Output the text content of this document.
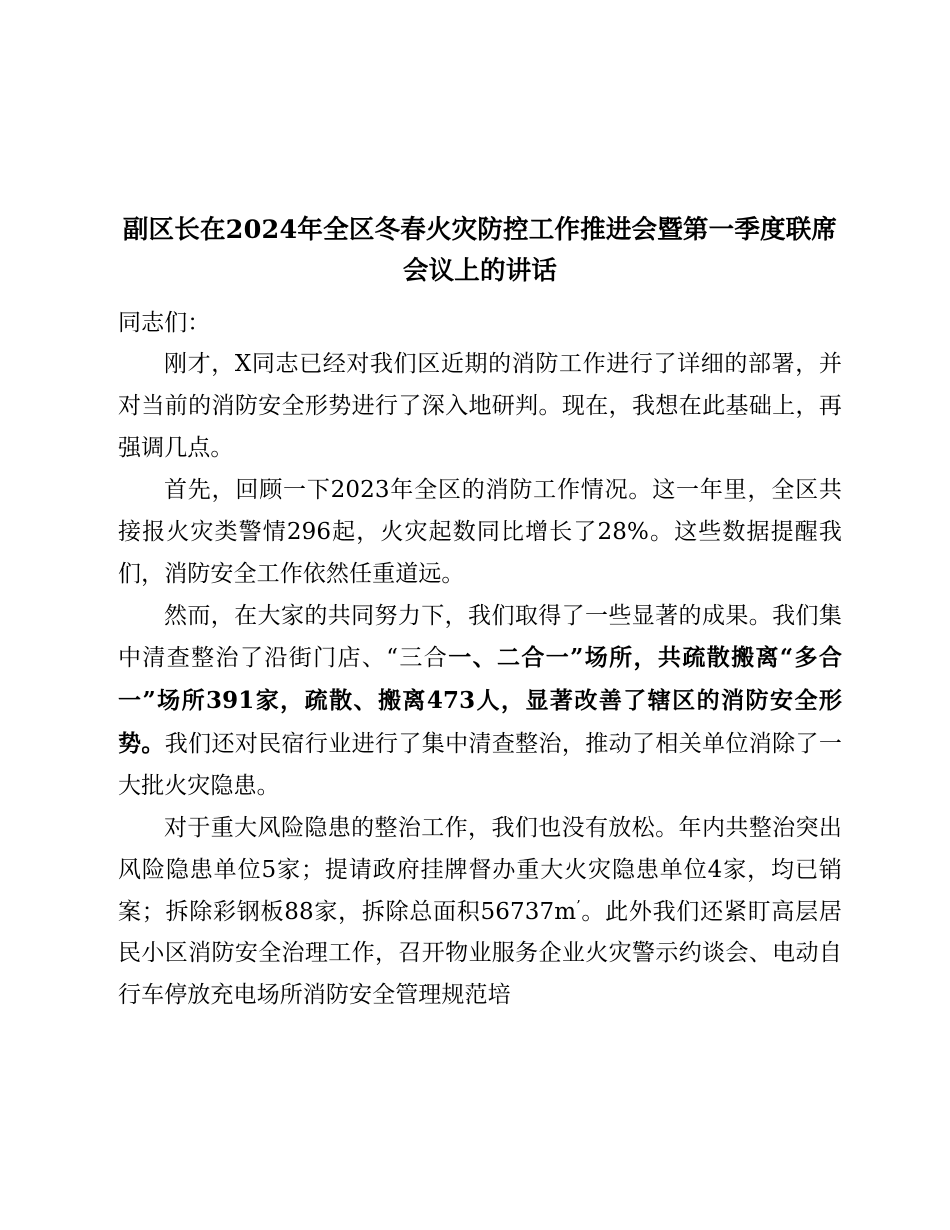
副区长在2024年全区冬春火灾防控工作推进会暨第一季度联席会议上的讲话

同志们：

刚才，X同志已经对我们区近期的消防工作进行了详细的部署，并对当前的消防安全形势进行了深入地研判。现在，我想在此基础上，再强调几点。

首先，回顾一下2023年全区的消防工作情况。这一年里，全区共接报火灾类警情296起，火灾起数同比增长了28%。这些数据提醒我们，消防安全工作依然任重道远。

然而，在大家的共同努力下，我们取得了一些显著的成果。我们集中清查整治了沿街门店、“三合一、二合一”场所，共疏散搬离“多合一”场所391家，疏散、搬离473人，显著改善了辖区的消防安全形势。我们还对民宿行业进行了集中清查整治，推动了相关单位消除了一大批火灾隐患。

对于重大风险隐患的整治工作，我们也没有放松。年内共整治突出风险隐患单位5家；提请政府挂牌督办重大火灾隐患单位4家，均已销案；拆除彩钢板88家，拆除总面积56737m’。此外我们还紧盯高层居民小区消防安全治理工作，召开物业服务企业火灾警示约谈会、电动自行车停放充电场所消防安全管理规范培
